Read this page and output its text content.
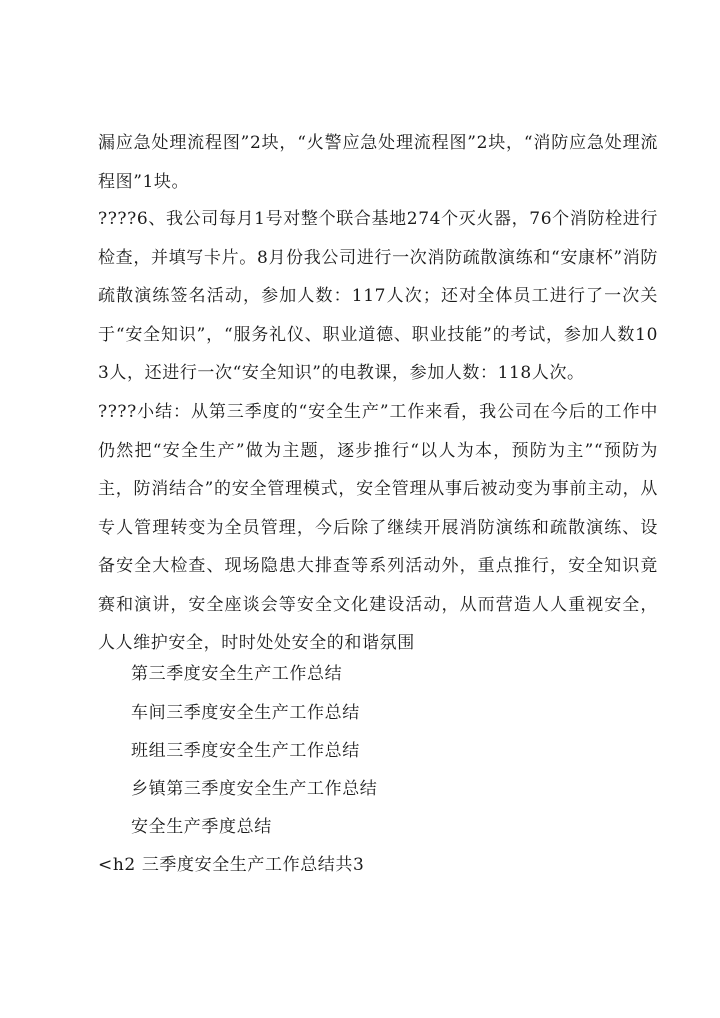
漏应急处理流程图”2块，“火警应急处理流程图”2块，“消防应急处理流程图”1块。

????6、我公司每月1号对整个联合基地274个灭火器，76个消防栓进行检查，并填写卡片。8月份我公司进行一次消防疏散演练和“安康杯”消防疏散演练签名活动，参加人数：117人次；还对全体员工进行了一次关于“安全知识”，“服务礼仪、职业道德、职业技能”的考试，参加人数103人，还进行一次“安全知识”的电教课，参加人数：118人次。

????小结：从第三季度的“安全生产”工作来看，我公司在今后的工作中仍然把“安全生产”做为主题，逐步推行“以人为本，预防为主”“预防为主，防消结合”的安全管理模式，安全管理从事后被动变为事前主动，从专人管理转变为全员管理，今后除了继续开展消防演练和疏散演练、设备安全大检查、现场隐患大排查等系列活动外，重点推行，安全知识竟赛和演讲，安全座谈会等安全文化建设活动，从而营造人人重视安全，人人维护安全，时时处处安全的和谐氛围

第三季度安全生产工作总结

车间三季度安全生产工作总结

班组三季度安全生产工作总结

乡镇第三季度安全生产工作总结

安全生产季度总结

<h2 三季度安全生产工作总结共3
